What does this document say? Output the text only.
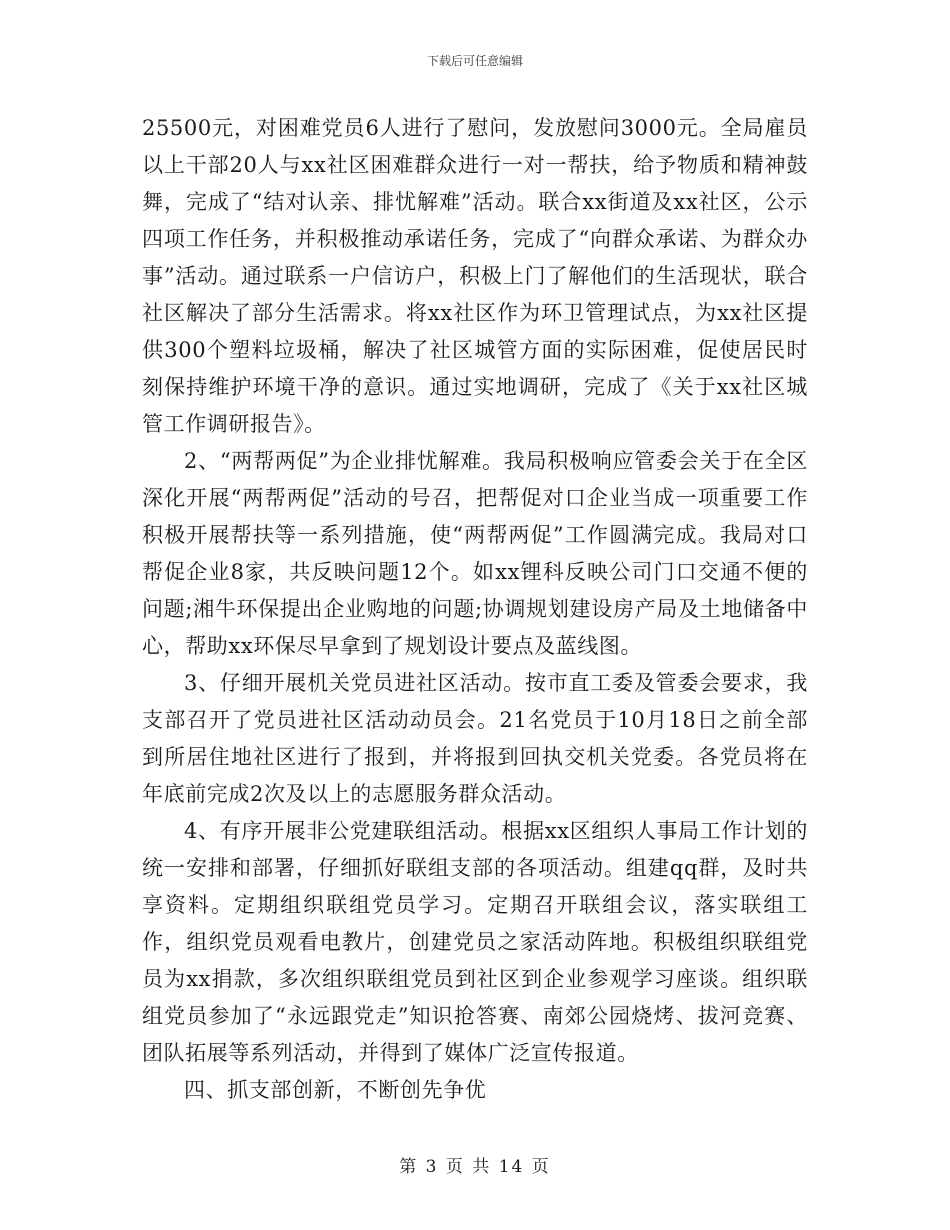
下载后可任意编辑

25500元，对困难党员6人进行了慰问，发放慰问3000元。全局雇员以上干部20人与xx社区困难群众进行一对一帮扶，给予物质和精神鼓舞，完成了“结对认亲、排忧解难”活动。联合xx街道及xx社区，公示四项工作任务，并积极推动承诺任务，完成了“向群众承诺、为群众办事”活动。通过联系一户信访户，积极上门了解他们的生活现状，联合社区解决了部分生活需求。将xx社区作为环卫管理试点，为xx社区提供300个塑料垃圾桶，解决了社区城管方面的实际困难，促使居民时刻保持维护环境干净的意识。通过实地调研，完成了《关于xx社区城管工作调研报告》。

2、“两帮两促”为企业排忧解难。我局积极响应管委会关于在全区深化开展“两帮两促”活动的号召，把帮促对口企业当成一项重要工作积极开展帮扶等一系列措施，使“两帮两促”工作圆满完成。我局对口帮促企业8家，共反映问题12个。如xx锂科反映公司门口交通不便的问题;湘牛环保提出企业购地的问题;协调规划建设房产局及土地储备中心，帮助xx环保尽早拿到了规划设计要点及蓝线图。

3、仔细开展机关党员进社区活动。按市直工委及管委会要求，我支部召开了党员进社区活动动员会。21名党员于10月18日之前全部到所居住地社区进行了报到，并将报到回执交机关党委。各党员将在年底前完成2次及以上的志愿服务群众活动。

4、有序开展非公党建联组活动。根据xx区组织人事局工作计划的统一安排和部署，仔细抓好联组支部的各项活动。组建qq群，及时共享资料。定期组织联组党员学习。定期召开联组会议，落实联组工作，组织党员观看电教片，创建党员之家活动阵地。积极组织联组党员为xx捐款，多次组织联组党员到社区到企业参观学习座谈。组织联组党员参加了“永远跟党走”知识抢答赛、南郊公园烧烤、拔河竞赛、团队拓展等系列活动，并得到了媒体广泛宣传报道。

四、抓支部创新，不断创先争优

第 3 页 共 14 页
